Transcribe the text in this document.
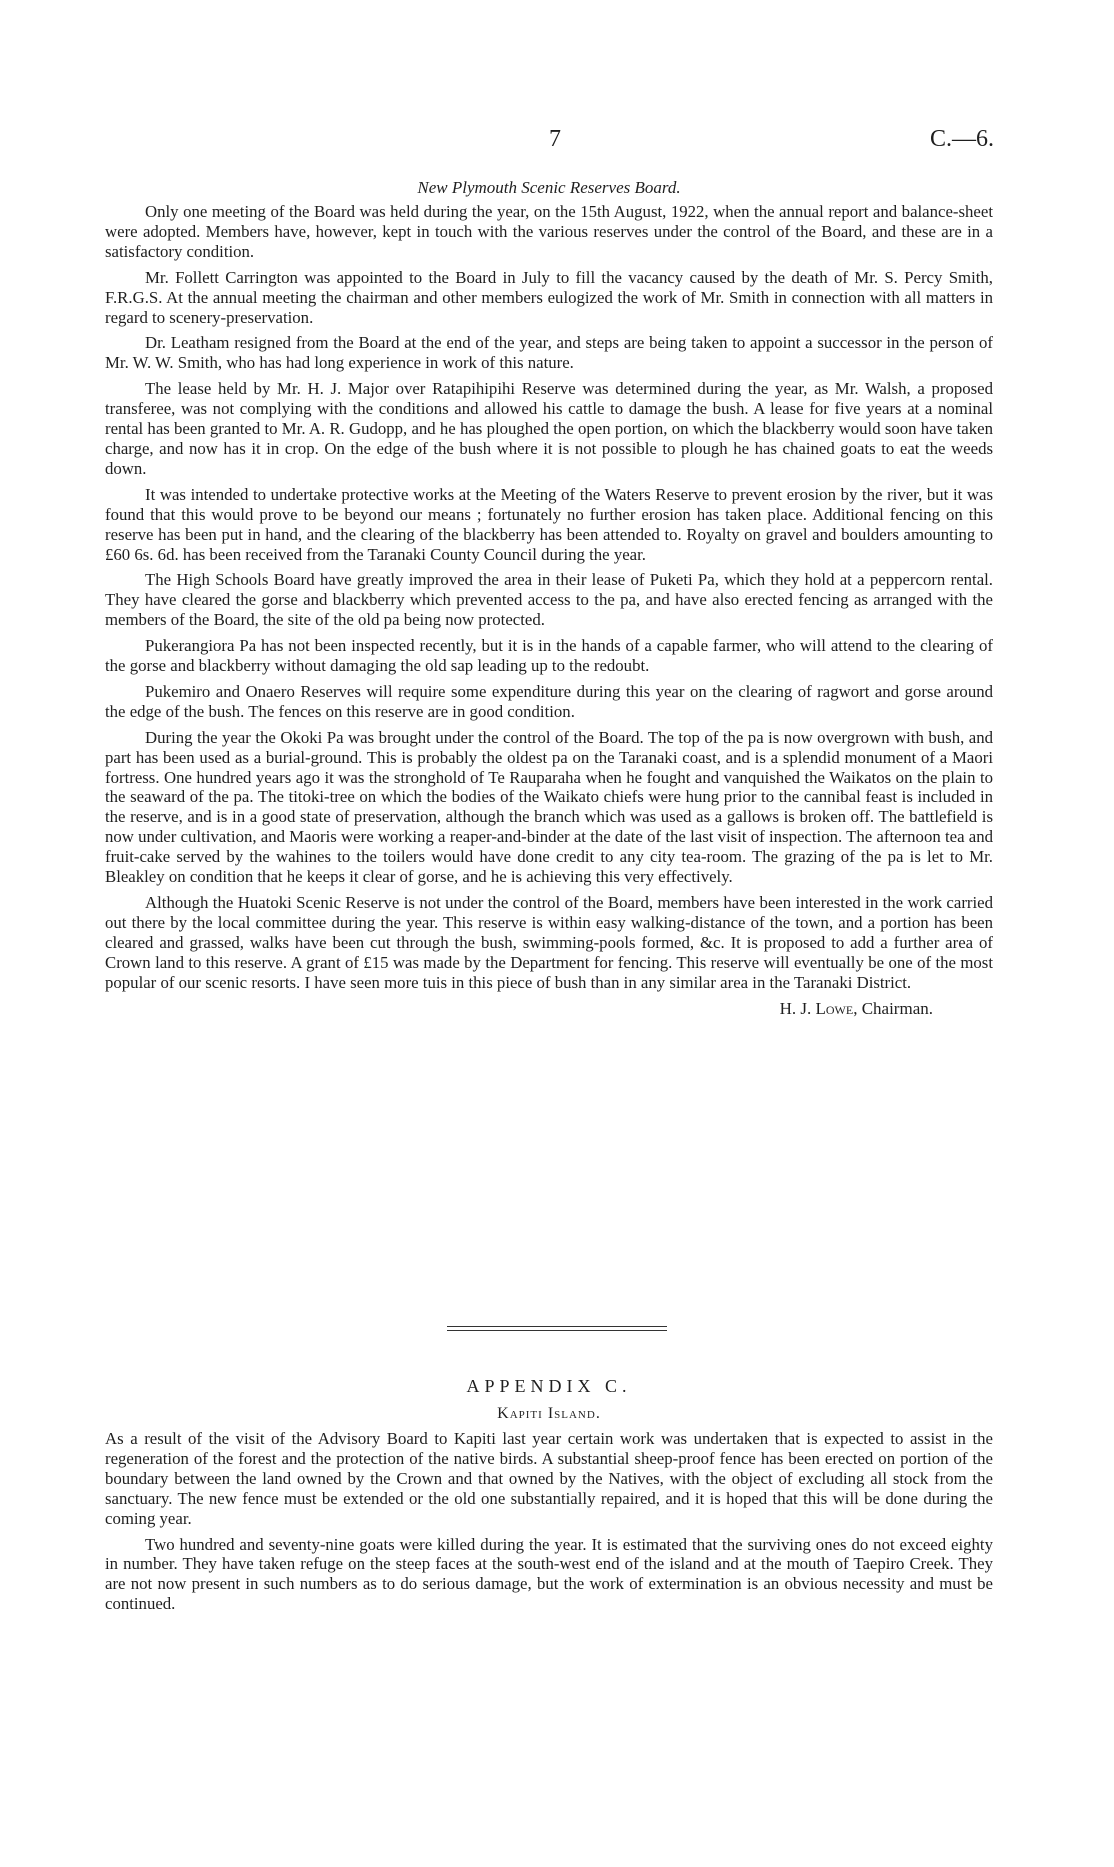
7	C.—6.
New Plymouth Scenic Reserves Board.

Only one meeting of the Board was held during the year, on the 15th August, 1922, when the annual report and balance-sheet were adopted. Members have, however, kept in touch with the various reserves under the control of the Board, and these are in a satisfactory condition.

Mr. Follett Carrington was appointed to the Board in July to fill the vacancy caused by the death of Mr. S. Percy Smith, F.R.G.S. At the annual meeting the chairman and other members eulogized the work of Mr. Smith in connection with all matters in regard to scenery-preservation.

Dr. Leatham resigned from the Board at the end of the year, and steps are being taken to appoint a successor in the person of Mr. W. W. Smith, who has had long experience in work of this nature.

The lease held by Mr. H. J. Major over Ratapihipihi Reserve was determined during the year, as Mr. Walsh, a proposed transferee, was not complying with the conditions and allowed his cattle to damage the bush. A lease for five years at a nominal rental has been granted to Mr. A. R. Gudopp, and he has ploughed the open portion, on which the blackberry would soon have taken charge, and now has it in crop. On the edge of the bush where it is not possible to plough he has chained goats to eat the weeds down.

It was intended to undertake protective works at the Meeting of the Waters Reserve to prevent erosion by the river, but it was found that this would prove to be beyond our means ; fortunately no further erosion has taken place. Additional fencing on this reserve has been put in hand, and the clearing of the blackberry has been attended to. Royalty on gravel and boulders amounting to £60 6s. 6d. has been received from the Taranaki County Council during the year.

The High Schools Board have greatly improved the area in their lease of Puketi Pa, which they hold at a peppercorn rental. They have cleared the gorse and blackberry which prevented access to the pa, and have also erected fencing as arranged with the members of the Board, the site of the old pa being now protected.

Pukerangiora Pa has not been inspected recently, but it is in the hands of a capable farmer, who will attend to the clearing of the gorse and blackberry without damaging the old sap leading up to the redoubt.

Pukemiro and Onaero Reserves will require some expenditure during this year on the clearing of ragwort and gorse around the edge of the bush. The fences on this reserve are in good condition.

During the year the Okoki Pa was brought under the control of the Board. The top of the pa is now overgrown with bush, and part has been used as a burial-ground. This is probably the oldest pa on the Taranaki coast, and is a splendid monument of a Maori fortress. One hundred years ago it was the stronghold of Te Rauparaha when he fought and vanquished the Waikatos on the plain to the seaward of the pa. The titoki-tree on which the bodies of the Waikato chiefs were hung prior to the cannibal feast is included in the reserve, and is in a good state of preservation, although the branch which was used as a gallows is broken off. The battlefield is now under cultivation, and Maoris were working a reaper-and-binder at the date of the last visit of inspection. The afternoon tea and fruit-cake served by the wahines to the toilers would have done credit to any city tea-room. The grazing of the pa is let to Mr. Bleakley on condition that he keeps it clear of gorse, and he is achieving this very effectively.

Although the Huatoki Scenic Reserve is not under the control of the Board, members have been interested in the work carried out there by the local committee during the year. This reserve is within easy walking-distance of the town, and a portion has been cleared and grassed, walks have been cut through the bush, swimming-pools formed, &c. It is proposed to add a further area of Crown land to this reserve. A grant of £15 was made by the Department for fencing. This reserve will eventually be one of the most popular of our scenic resorts. I have seen more tuis in this piece of bush than in any similar area in the Taranaki District.

H. J. Lowe, Chairman.
APPENDIX C.
Kapiti Island.

As a result of the visit of the Advisory Board to Kapiti last year certain work was undertaken that is expected to assist in the regeneration of the forest and the protection of the native birds. A substantial sheep-proof fence has been erected on portion of the boundary between the land owned by the Crown and that owned by the Natives, with the object of excluding all stock from the sanctuary. The new fence must be extended or the old one substantially repaired, and it is hoped that this will be done during the coming year.

Two hundred and seventy-nine goats were killed during the year. It is estimated that the surviving ones do not exceed eighty in number. They have taken refuge on the steep faces at the south-west end of the island and at the mouth of Taepiro Creek. They are not now present in such numbers as to do serious damage, but the work of extermination is an obvious necessity and must be continued.
